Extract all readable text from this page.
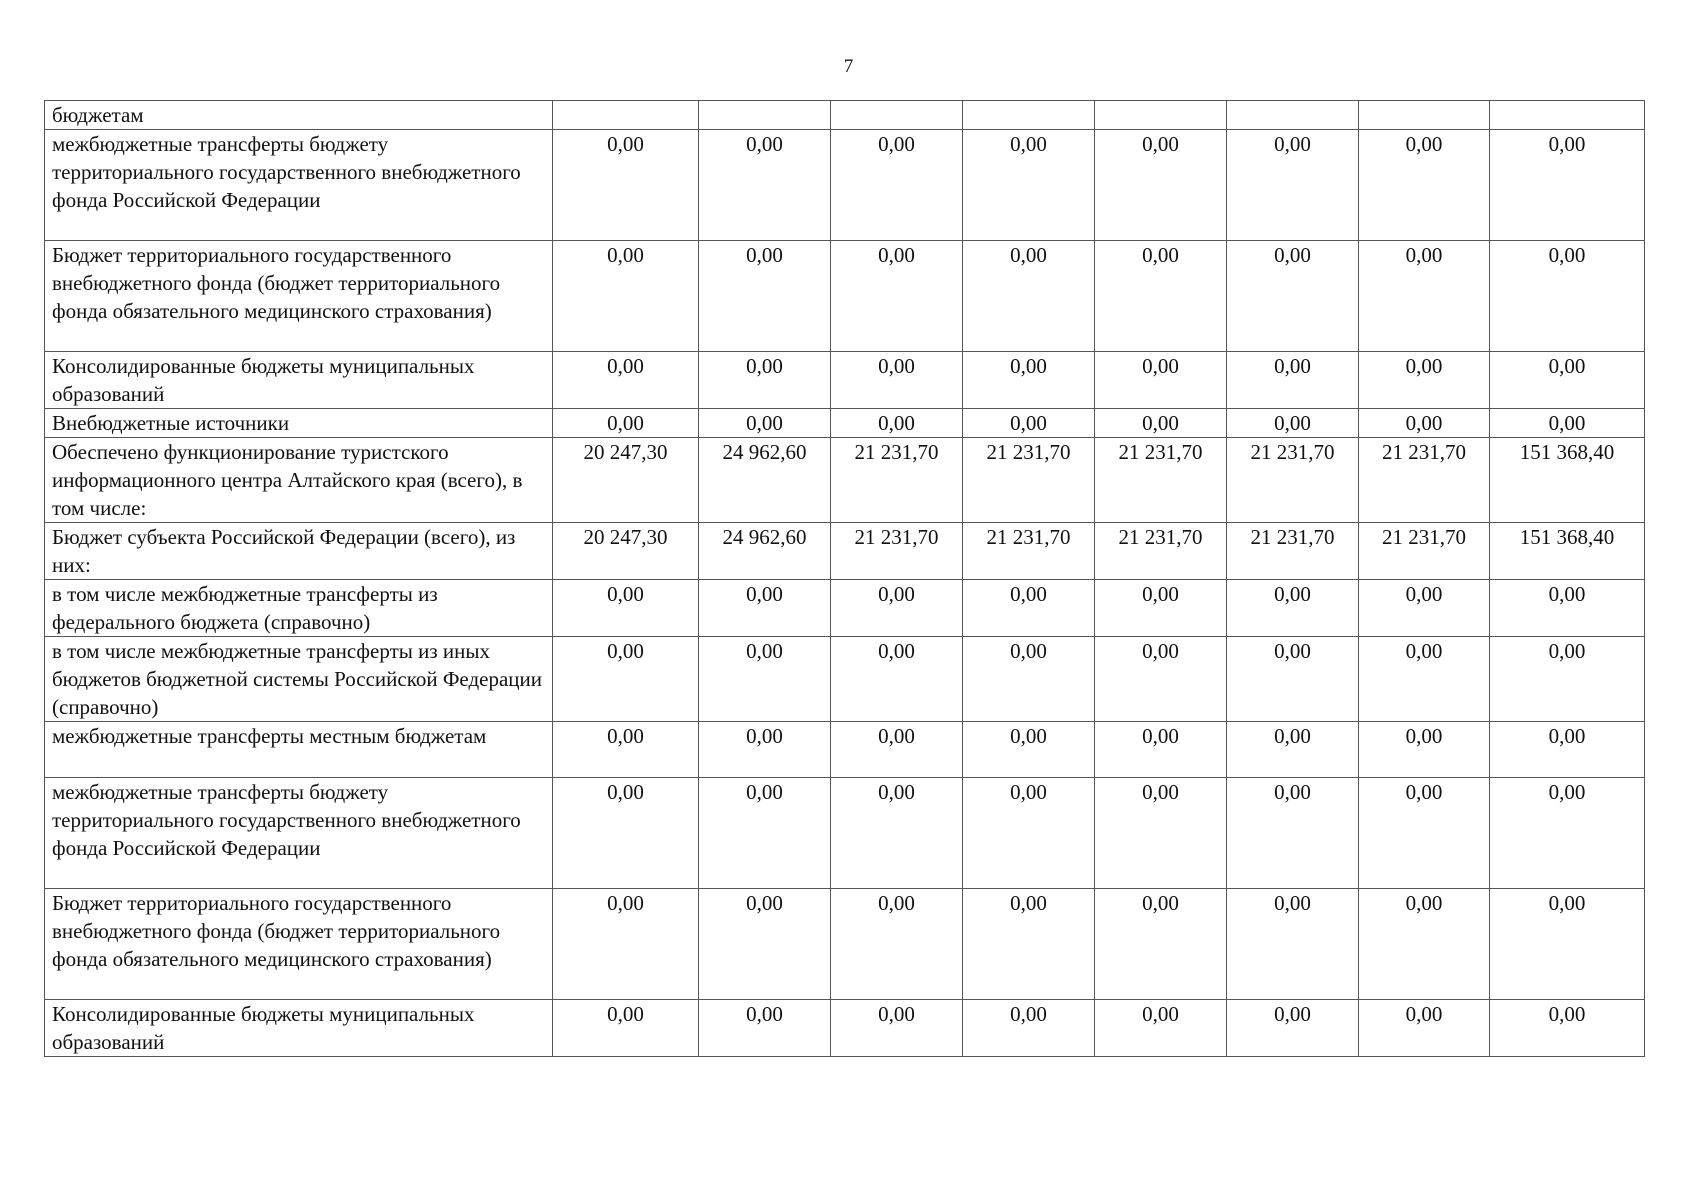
7
бюджетам								
межбюджетные трансферты бюджету территориального государственного внебюджетного фонда Российской Федерации	0,00	0,00	0,00	0,00	0,00	0,00	0,00	0,00
Бюджет территориального государственного внебюджетного фонда (бюджет территориального фонда обязательного медицинского страхования)	0,00	0,00	0,00	0,00	0,00	0,00	0,00	0,00
Консолидированные бюджеты муниципальных образований	0,00	0,00	0,00	0,00	0,00	0,00	0,00	0,00
Внебюджетные источники	0,00	0,00	0,00	0,00	0,00	0,00	0,00	0,00
Обеспечено функционирование туристского информационного центра Алтайского края (всего), в том числе:	20 247,30	24 962,60	21 231,70	21 231,70	21 231,70	21 231,70	21 231,70	151 368,40
Бюджет субъекта Российской Федерации (всего), из них:	20 247,30	24 962,60	21 231,70	21 231,70	21 231,70	21 231,70	21 231,70	151 368,40
в том числе межбюджетные трансферты из федерального бюджета (справочно)	0,00	0,00	0,00	0,00	0,00	0,00	0,00	0,00
в том числе межбюджетные трансферты из иных бюджетов бюджетной системы Российской Федерации (справочно)	0,00	0,00	0,00	0,00	0,00	0,00	0,00	0,00
межбюджетные трансферты местным бюджетам	0,00	0,00	0,00	0,00	0,00	0,00	0,00	0,00
межбюджетные трансферты бюджету территориального государственного внебюджетного фонда Российской Федерации	0,00	0,00	0,00	0,00	0,00	0,00	0,00	0,00
Бюджет территориального государственного внебюджетного фонда (бюджет территориального фонда обязательного медицинского страхования)	0,00	0,00	0,00	0,00	0,00	0,00	0,00	0,00
Консолидированные бюджеты муниципальных образований	0,00	0,00	0,00	0,00	0,00	0,00	0,00	0,00
